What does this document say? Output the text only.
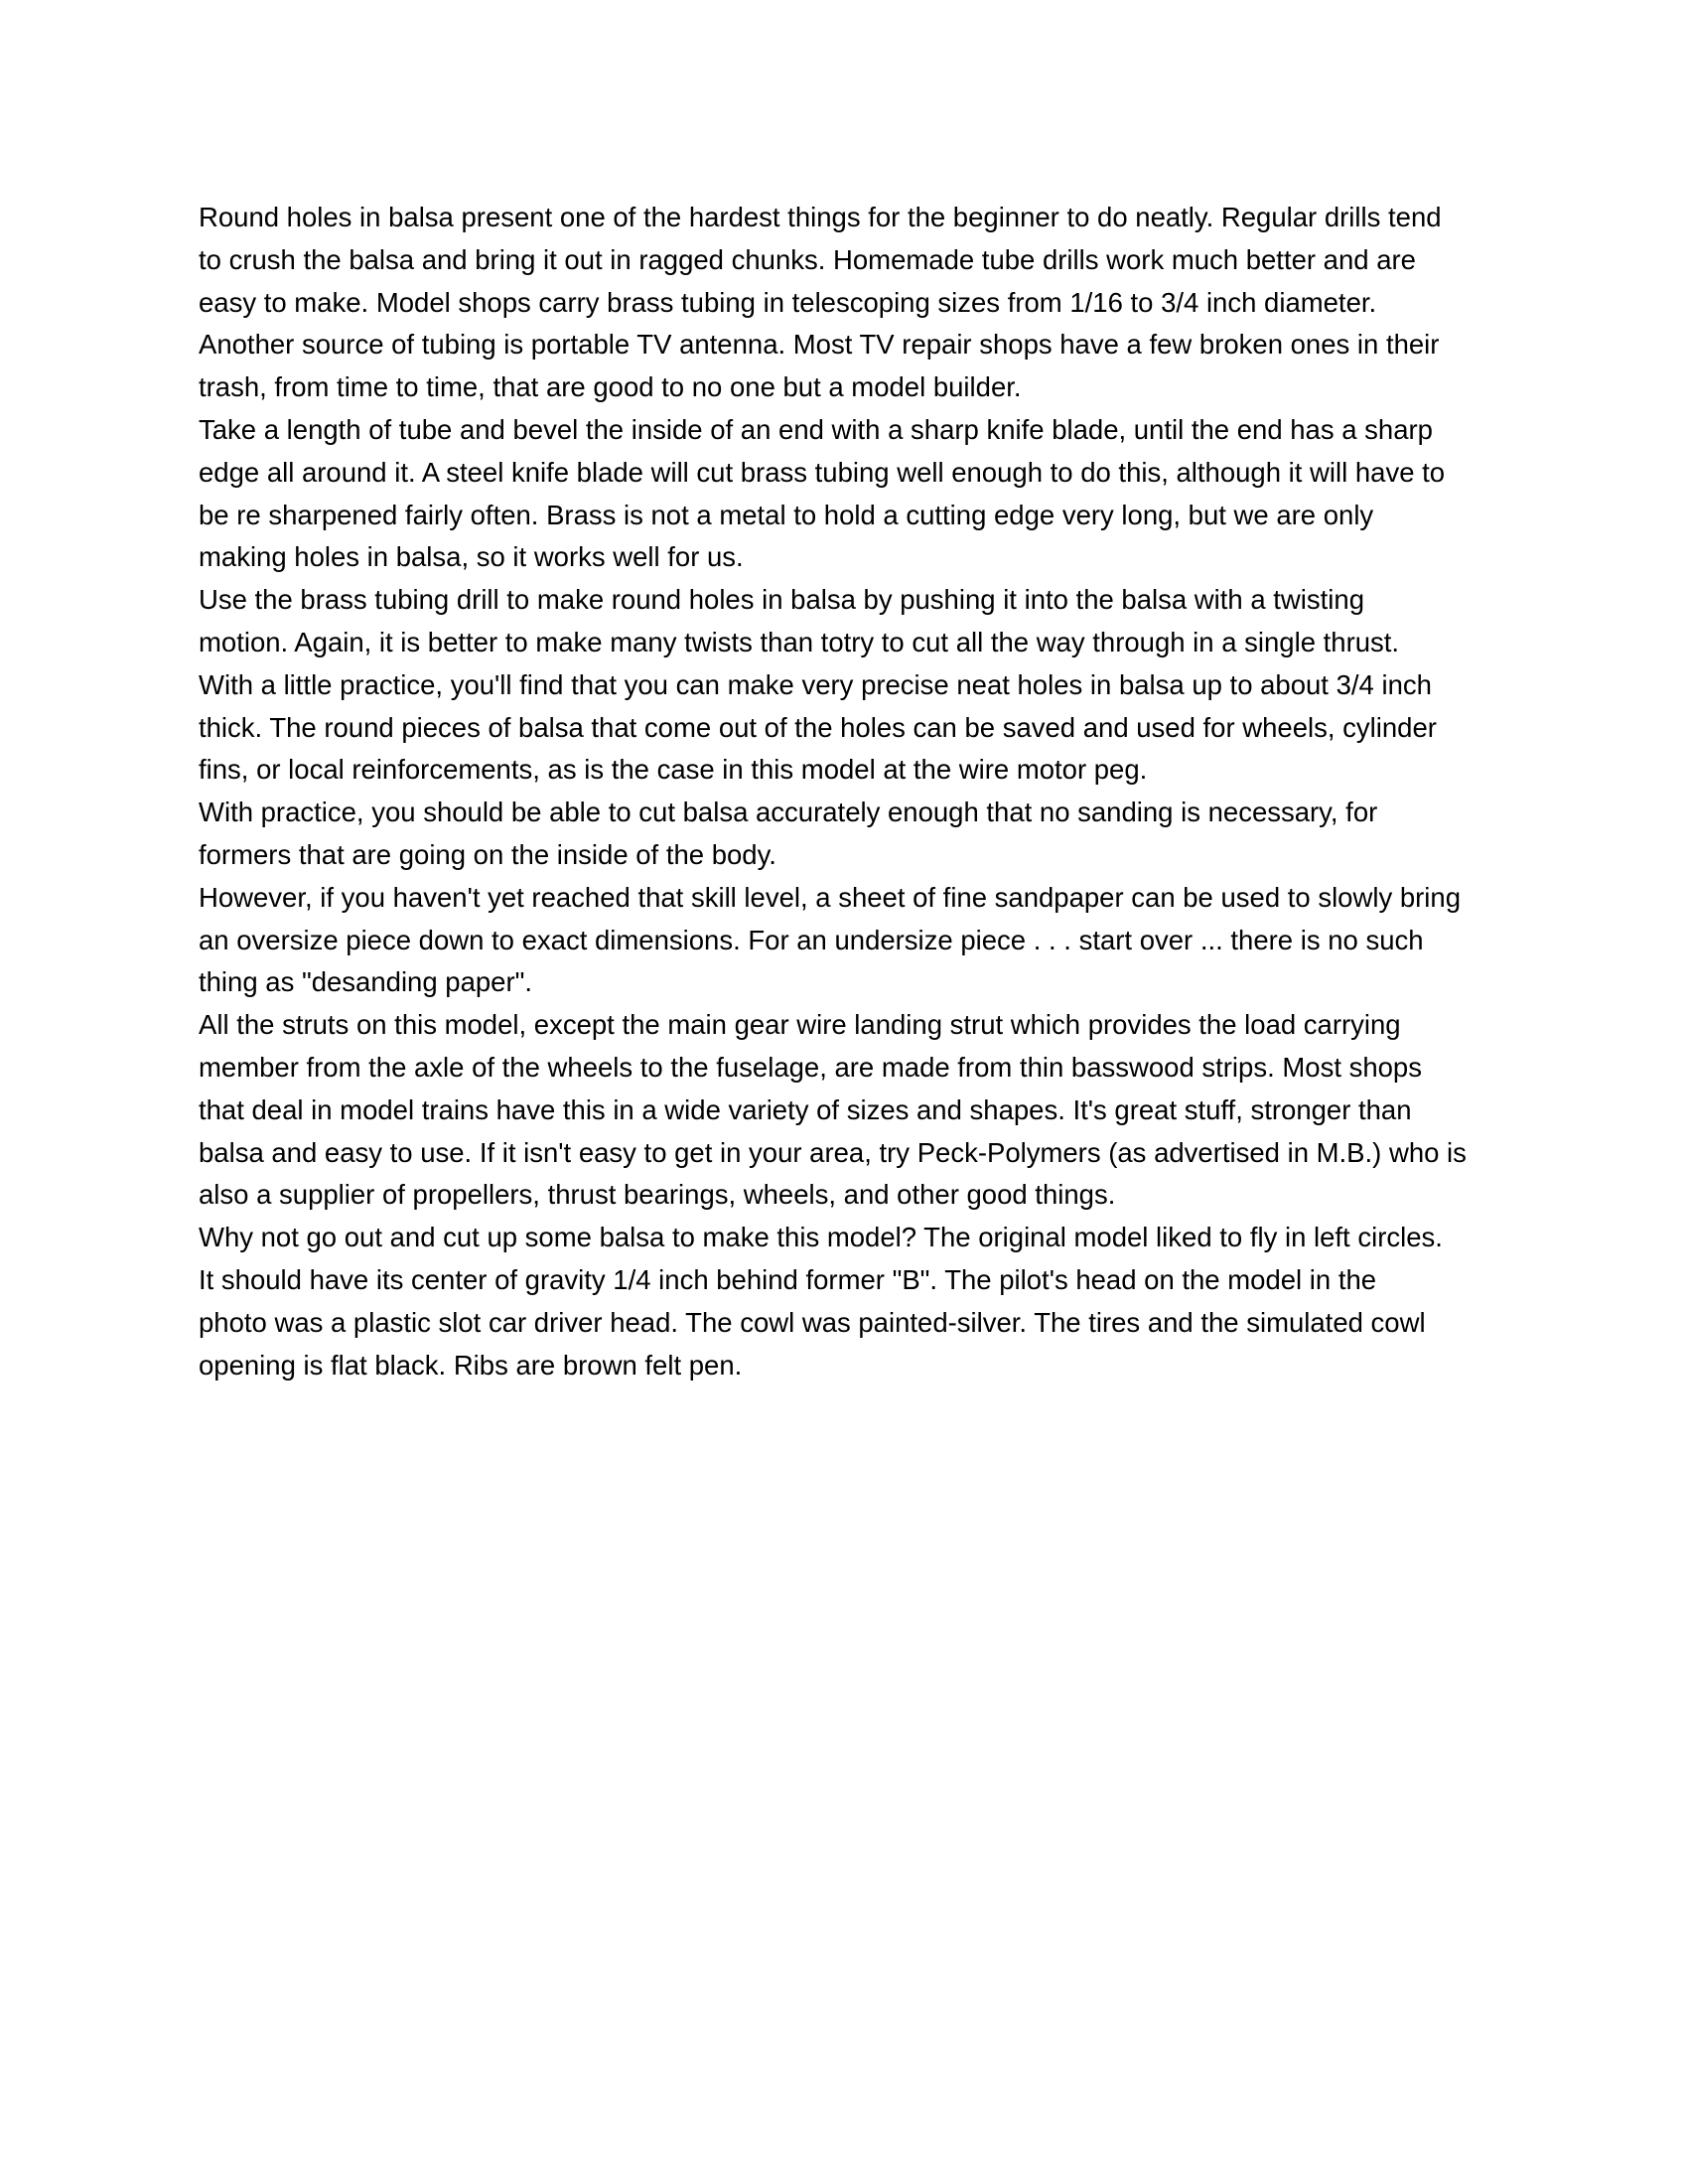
Round holes in balsa present one of the hardest things for the beginner to do neatly. Regular drills tend
to crush the balsa and bring it out in ragged chunks. Homemade tube drills work much better and are
easy to make. Model shops carry brass tubing in telescoping sizes from 1/16 to 3/4 inch diameter.
Another source of tubing is portable TV antenna. Most TV repair shops have a few broken ones in their
trash, from time to time, that are good to no one but a model builder.

Take a length of tube and bevel the inside of an end with a sharp knife blade, until the end has a sharp
edge all around it. A steel knife blade will cut brass tubing well enough to do this, although it will have to
be re sharpened fairly often. Brass is not a metal to hold a cutting edge very long, but we are only
making holes in balsa, so it works well for us.

Use the brass tubing drill to make round holes in balsa by pushing it into the balsa with a twisting
motion. Again, it is better to make many twists than totry to cut all the way through in a single thrust.
With a little practice, you'll find that you can make very precise neat holes in balsa up to about 3/4 inch
thick. The round pieces of balsa that come out of the holes can be saved and used for wheels, cylinder
fins, or local reinforcements, as is the case in this model at the wire motor peg.

With practice, you should be able to cut balsa accurately enough that no sanding is necessary, for
formers that are going on the inside of the body.

However, if you haven't yet reached that skill level, a sheet of fine sandpaper can be used to slowly bring
an oversize piece down to exact dimensions. For an undersize piece . . . start over ... there is no such
thing as "desanding paper".

All the struts on this model, except the main gear wire landing strut which provides the load carrying
member from the axle of the wheels to the fuselage, are made from thin basswood strips. Most shops
that deal in model trains have this in a wide variety of sizes and shapes. It's great stuff, stronger than
balsa and easy to use. If it isn't easy to get in your area, try Peck-Polymers (as advertised in M.B.) who is
also a supplier of propellers, thrust bearings, wheels, and other good things.

Why not go out and cut up some balsa to make this model? The original model liked to fly in left circles.
It should have its center of gravity 1/4 inch behind former "B". The pilot's head on the model in the
photo was a plastic slot car driver head. The cowl was painted-silver. The tires and the simulated cowl
opening is flat black. Ribs are brown felt pen.
